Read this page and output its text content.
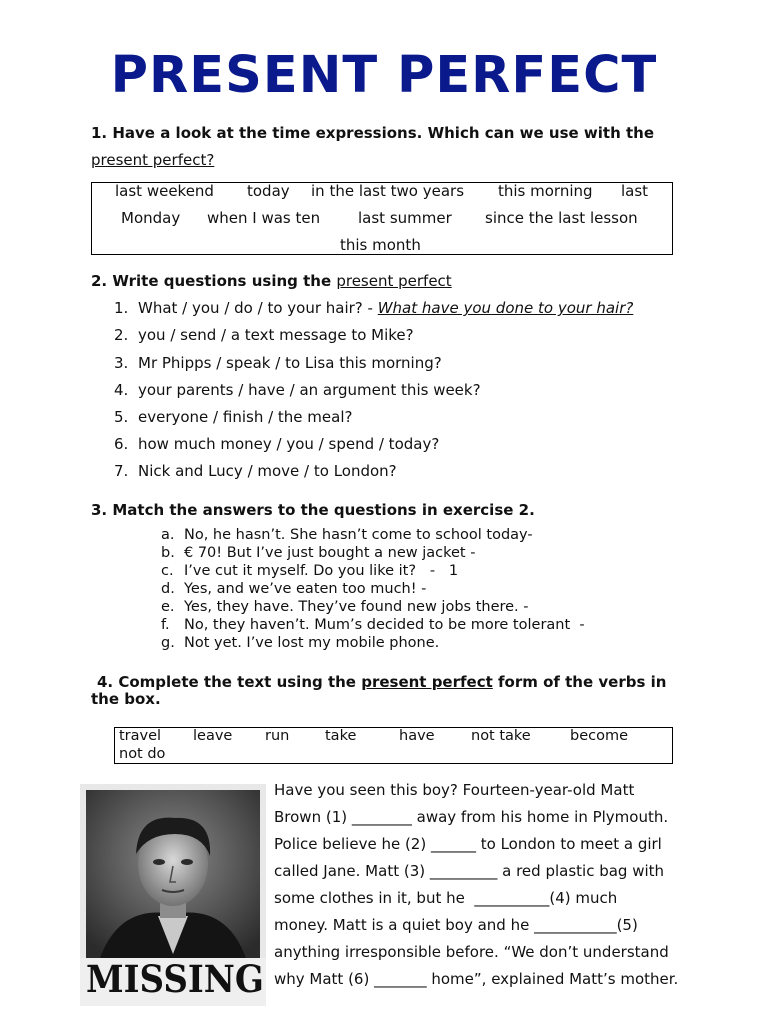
PRESENT PERFECT
1. Have a look at the time expressions. Which can we use with the
present perfect?
last weekend today in the last two years this morning last
Monday when I was ten	last summer since the last lesson
this month
2. Write questions using the present perfect
1. What / you / do / to your hair? - What have you done to your hair?
2. you / send / a text message to Mike?
3. Mr Phipps / speak / to Lisa this morning?
4. your parents / have / an argument this week?
5. everyone / finish / the meal?
6. how much money / you / spend / today?
7. Nick and Lucy / move / to London?
3. Match the answers to the questions in exercise 2.
a. No, he hasn’t. She hasn’t come to school today-
b. € 70! But I’ve just bought a new jacket -
c. I’ve cut it myself. Do you like it?   -   1
d. Yes, and we’ve eaten too much! -
e. Yes, they have. They’ve found new jobs there. -
f. No, they haven’t. Mum’s decided to be more tolerant  -
g. Not yet. I’ve lost my mobile phone.
4. Complete the text using the present perfect form of the verbs in
the box.
travel leave run take	have	not take	become
not do
MISSING
Have you seen this boy? Fourteen-year-old Matt
Brown (1) ________ away from his home in Plymouth.
Police believe he (2) ______ to London to meet a girl
called Jane. Matt (3) _________ a red plastic bag with
some clothes in it, but he  __________(4) much
money. Matt is a quiet boy and he ___________(5)
anything irresponsible before. “We don’t understand
why Matt (6) _______ home”, explained Matt’s mother.
